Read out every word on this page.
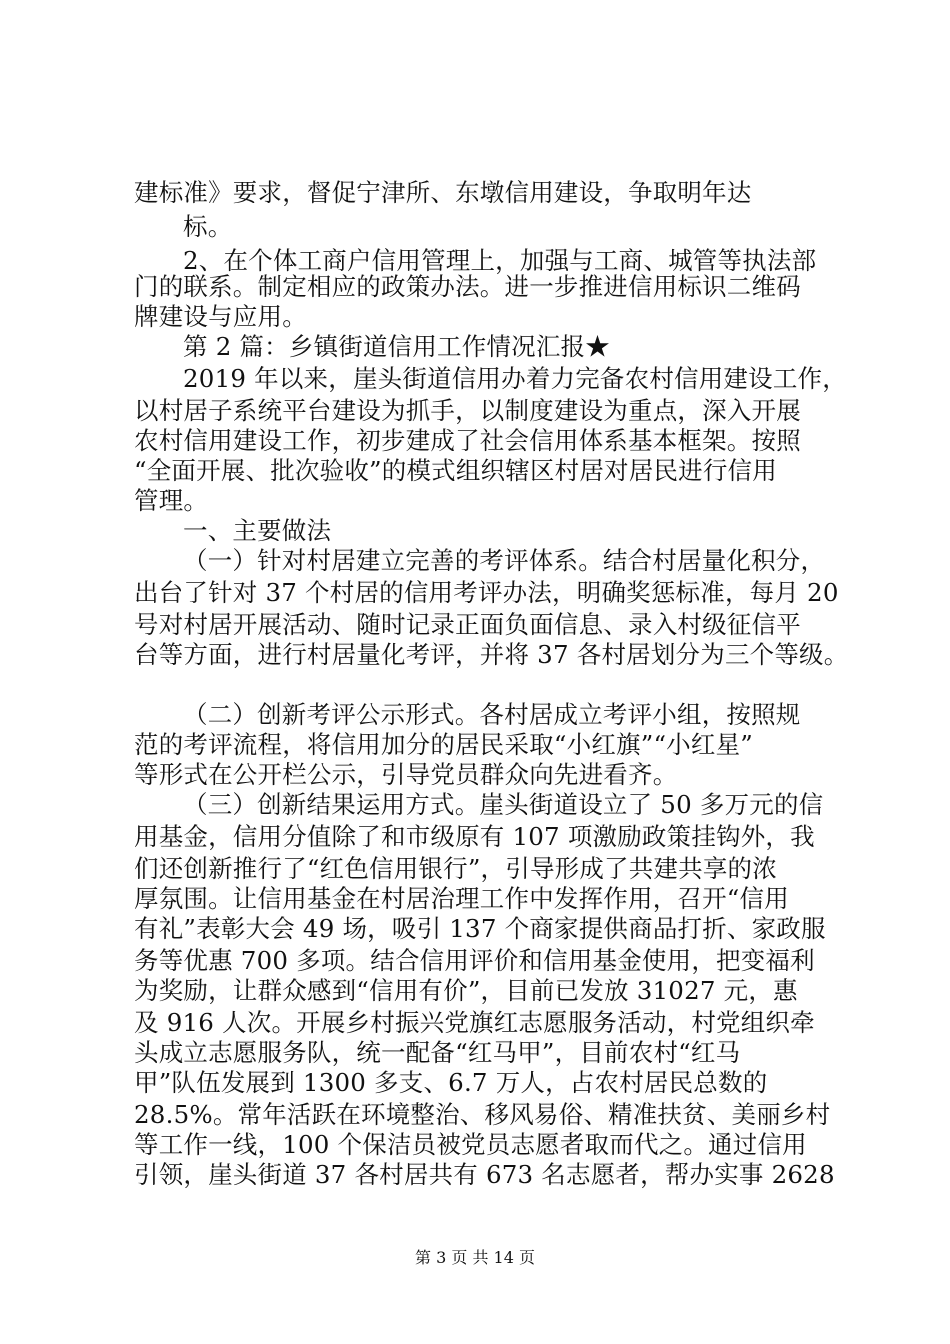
建标准》要求，督促宁津所、东墩信用建设，争取明年达
标。
2、在个体工商户信用管理上，加强与工商、城管等执法部
门的联系。制定相应的政策办法。进一步推进信用标识二维码
牌建设与应用。
第 2 篇：乡镇街道信用工作情况汇报★
2019 年以来，崖头街道信用办着力完备农村信用建设工作，
以村居子系统平台建设为抓手，以制度建设为重点，深入开展
农村信用建设工作，初步建成了社会信用体系基本框架。按照
“全面开展、批次验收”的模式组织辖区村居对居民进行信用
管理。
一、主要做法
（一）针对村居建立完善的考评体系。结合村居量化积分，
出台了针对 37 个村居的信用考评办法，明确奖惩标准，每月 20
号对村居开展活动、随时记录正面负面信息、录入村级征信平
台等方面，进行村居量化考评，并将 37 各村居划分为三个等级。
（二）创新考评公示形式。各村居成立考评小组，按照规
范的考评流程，将信用加分的居民采取“小红旗”“小红星”
等形式在公开栏公示，引导党员群众向先进看齐。
（三）创新结果运用方式。崖头街道设立了 50 多万元的信
用基金，信用分值除了和市级原有 107 项激励政策挂钩外，我
们还创新推行了“红色信用银行”，引导形成了共建共享的浓
厚氛围。让信用基金在村居治理工作中发挥作用，召开“信用
有礼”表彰大会 49 场，吸引 137 个商家提供商品打折、家政服
务等优惠 700 多项。结合信用评价和信用基金使用，把变福利
为奖励，让群众感到“信用有价”，目前已发放 31027 元，惠
及 916 人次。开展乡村振兴党旗红志愿服务活动，村党组织牵
头成立志愿服务队，统一配备“红马甲”，目前农村“红马
甲”队伍发展到 1300 多支、6.7 万人，占农村居民总数的
28.5%。常年活跃在环境整治、移风易俗、精准扶贫、美丽乡村
等工作一线，100 个保洁员被党员志愿者取而代之。通过信用
引领，崖头街道 37 各村居共有 673 名志愿者，帮办实事 2628
第 3 页 共 14 页
